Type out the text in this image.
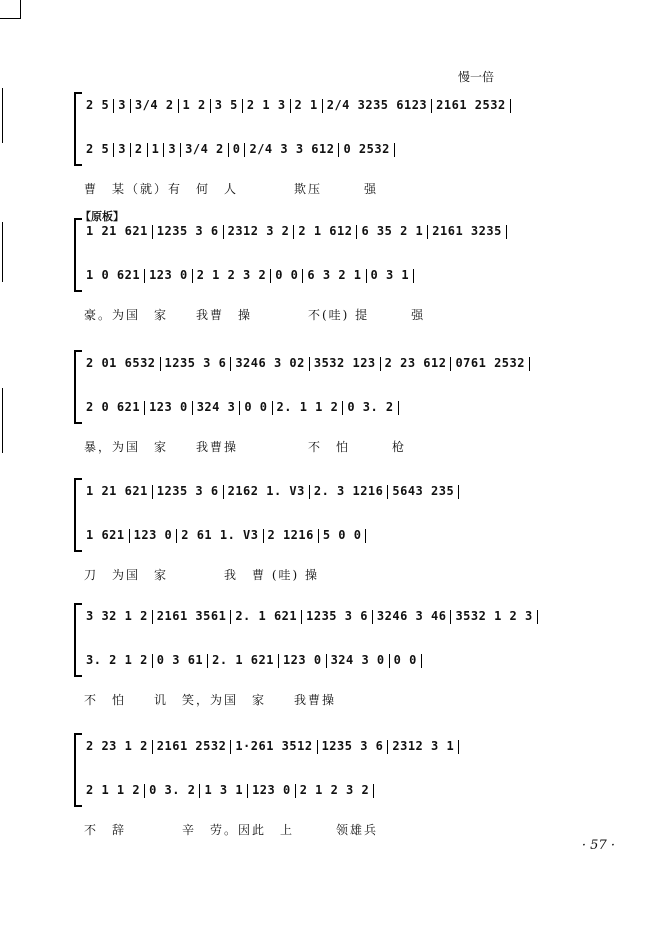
慢一倍
2 5 3 3/4 2 1 2 3 5 2 1 3 2 1 2/4 3235 6123 2161 2532
2 5 3 2 1 3 3/4 2 0 2/4 3 3 612 0 2532
曹　某（就）有　何　人　　　　欺压　　　强
【原板】
1 21 621 1235 3 6 2312 3 2 2 1 612 6 35 2 1 2161 3235
1 0 621 123 0 2 1 2 3 2 0 0 6 3 2 1 0 3 1
豪。为国　家　　我曹　操　　　　不(哇) 提　　　强
2 01 6532 1235 3 6 3246 3 02 3532 123 2 23 612 0761 2532
2 0 621 123 0 324 3 0 0 2. 1 1 2 0 3. 2
暴，为国　家　　我曹操　　　　　不　怕　　　枪
1 21 621 1235 3 6 2162 1. V3 2. 3 1216 5643 235
1 621 123 0 2 61 1. V3 2 1216 5 0 0
刀　为国　家　　　　我　曹 (哇) 操
3 32 1 2 2161 3561 2. 1 621 1235 3 6 3246 3 46 3532 1 2 3
3. 2 1 2 0 3 61 2. 1 621 123 0 324 3 0 0 0
不　怕　　讥　笑，为国　家　　我曹操
2 23 1 2 2161 2532 1·261 3512 1235 3 6 2312 3 1
2 1 1 2 0 3. 2 1 3 1 123 0 2 1 2 3 2
不　辞　　　　辛　劳。因此　上　　　领雄兵
· 57 ·
